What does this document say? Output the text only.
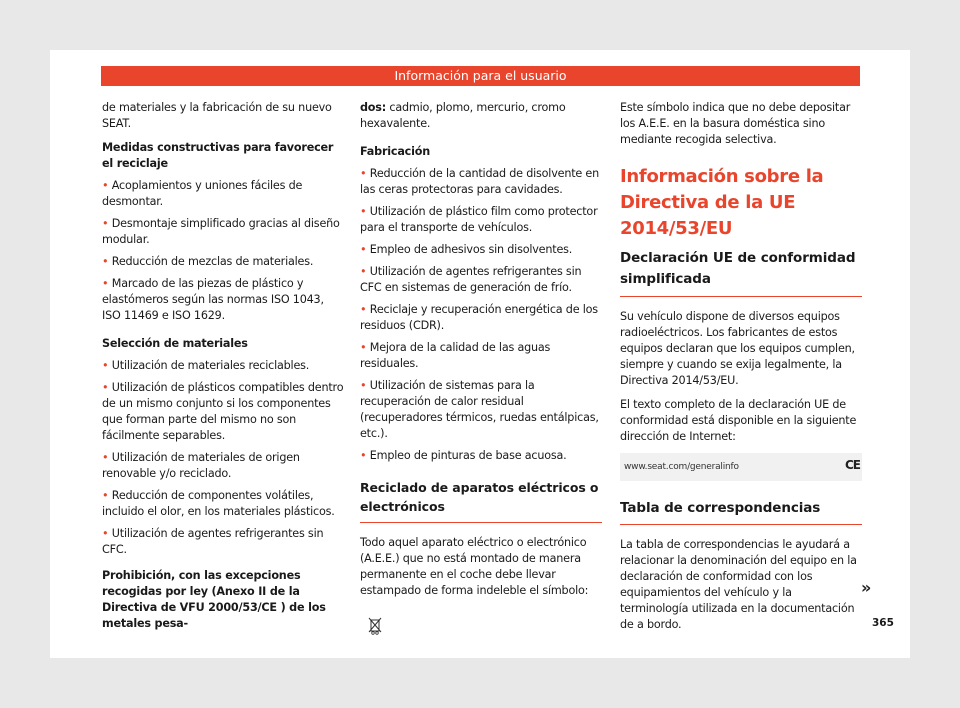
Información para el usuario

de materiales y la fabricación de su nuevo SEAT.

Medidas constructivas para favorecer el reciclaje
• Acoplamientos y uniones fáciles de desmontar.
• Desmontaje simplificado gracias al diseño modular.
• Reducción de mezclas de materiales.
• Marcado de las piezas de plástico y elastómeros según las normas ISO 1043, ISO 11469 e ISO 1629.
Selección de materiales
• Utilización de materiales reciclables.
• Utilización de plásticos compatibles dentro de un mismo conjunto si los componentes que forman parte del mismo no son fácilmente separables.
• Utilización de materiales de origen renovable y/o reciclado.
• Reducción de componentes volátiles, incluido el olor, en los materiales plásticos.
• Utilización de agentes refrigerantes sin CFC.
Prohibición, con las excepciones recogidas por ley (Anexo II de la Directiva de VFU 2000/53/CE ) de los metales pesa-

dos: cadmio, plomo, mercurio, cromo hexavalente.

Fabricación
• Reducción de la cantidad de disolvente en las ceras protectoras para cavidades.
• Utilización de plástico film como protector para el transporte de vehículos.
• Empleo de adhesivos sin disolventes.
• Utilización de agentes refrigerantes sin CFC en sistemas de generación de frío.
• Reciclaje y recuperación energética de los residuos (CDR).
• Mejora de la calidad de las aguas residuales.
• Utilización de sistemas para la recuperación de calor residual (recuperadores térmicos, ruedas entálpicas, etc.).
• Empleo de pinturas de base acuosa.
Reciclado de aparatos eléctricos o electrónicos

Todo aquel aparato eléctrico o electrónico (A.E.E.) que no está montado de manera permanente en el coche debe llevar estampado de forma indeleble el símbolo:

Este símbolo indica que no debe depositar los A.E.E. en la basura doméstica sino mediante recogida selectiva.

Información sobre la Directiva de la UE 2014/53/EU
Declaración UE de conformidad simplificada

Su vehículo dispone de diversos equipos radioeléctricos. Los fabricantes de estos equipos declaran que los equipos cumplen, siempre y cuando se exija legalmente, la Directiva 2014/53/EU.

El texto completo de la declaración UE de conformidad está disponible en la siguiente dirección de Internet:

www.seat.com/generalinfo	CE
Tabla de correspondencias

La tabla de correspondencias le ayudará a relacionar la denominación del equipo en la declaración de conformidad con los equipamientos del vehículo y la terminología utilizada en la documentación de a bordo.

»
365
